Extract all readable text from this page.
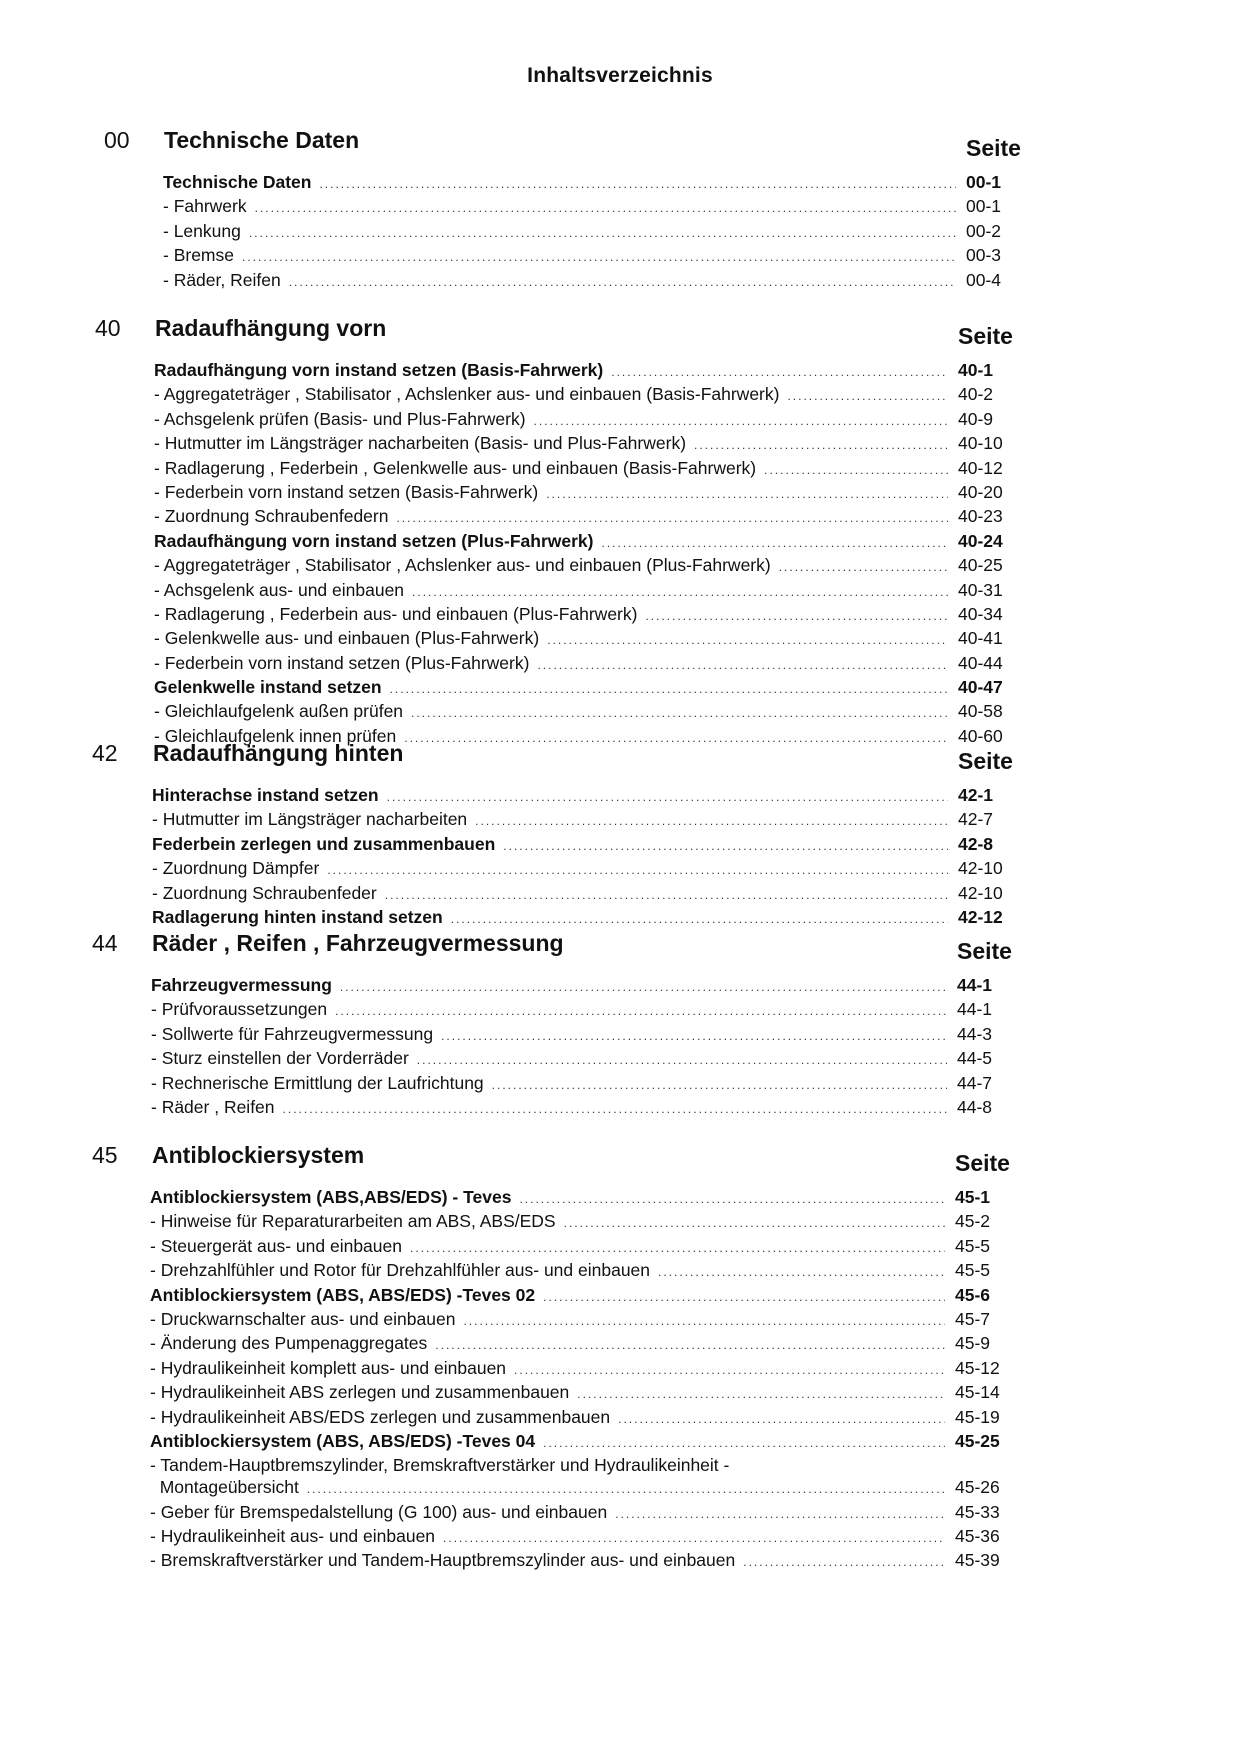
Inhaltsverzeichnis
00 Technische Daten	Seite
Technische Daten .....	00-1
- Fahrwerk .....	00-1
- Lenkung .....	00-2
- Bremse .....	00-3
- Räder, Reifen .....	00-4
40 Radaufhängung vorn	Seite
Radaufhängung vorn instand setzen (Basis-Fahrwerk) .....	40-1
- Aggregateträger , Stabilisator , Achslenker aus- und einbauen (Basis-Fahrwerk) .....	40-2
- Achsgelenk prüfen (Basis- und Plus-Fahrwerk) .....	40-9
- Hutmutter im Längsträger nacharbeiten (Basis- und Plus-Fahrwerk) .....	40-10
- Radlagerung , Federbein , Gelenkwelle aus- und einbauen (Basis-Fahrwerk) .....	40-12
- Federbein vorn instand setzen (Basis-Fahrwerk) .....	40-20
- Zuordnung Schraubenfedern .....	40-23
Radaufhängung vorn instand setzen (Plus-Fahrwerk) .....	40-24
- Aggregateträger , Stabilisator , Achslenker aus- und einbauen (Plus-Fahrwerk) .....	40-25
- Achsgelenk aus- und einbauen .....	40-31
- Radlagerung , Federbein aus- und einbauen (Plus-Fahrwerk) .....	40-34
- Gelenkwelle aus- und einbauen (Plus-Fahrwerk) .....	40-41
- Federbein vorn instand setzen (Plus-Fahrwerk) .....	40-44
Gelenkwelle instand setzen .....	40-47
- Gleichlaufgelenk außen prüfen .....	40-58
- Gleichlaufgelenk innen prüfen .....	40-60
42 Radaufhängung hinten	Seite
Hinterachse instand setzen .....	42-1
- Hutmutter im Längsträger nacharbeiten .....	42-7
Federbein zerlegen und zusammenbauen .....	42-8
- Zuordnung Dämpfer .....	42-10
- Zuordnung Schraubenfeder .....	42-10
Radlagerung hinten instand setzen .....	42-12
44 Räder , Reifen , Fahrzeugvermessung	Seite
Fahrzeugvermessung .....	44-1
- Prüfvoraussetzungen .....	44-1
- Sollwerte für Fahrzeugvermessung .....	44-3
- Sturz einstellen der Vorderräder .....	44-5
- Rechnerische Ermittlung der Laufrichtung .....	44-7
- Räder , Reifen .....	44-8
45 Antiblockiersystem	Seite
Antiblockiersystem (ABS,ABS/EDS) - Teves .....	45-1
- Hinweise für Reparaturarbeiten am ABS, ABS/EDS .....	45-2
- Steuergerät aus- und einbauen .....	45-5
- Drehzahlfühler und Rotor für Drehzahlfühler aus- und einbauen .....	45-5
Antiblockiersystem (ABS, ABS/EDS) -Teves 02 .....	45-6
- Druckwarnschalter aus- und einbauen .....	45-7
- Änderung des Pumpenaggregates .....	45-9
- Hydraulikeinheit komplett aus- und einbauen .....	45-12
- Hydraulikeinheit ABS zerlegen und zusammenbauen .....	45-14
- Hydraulikeinheit ABS/EDS zerlegen und zusammenbauen .....	45-19
Antiblockiersystem (ABS, ABS/EDS) -Teves 04 .....	45-25
- Tandem-Hauptbremszylinder, Bremskraftverstärker und Hydraulikeinheit -
Montageübersicht .....	45-26
- Geber für Bremspedalstellung (G 100) aus- und einbauen .....	45-33
- Hydraulikeinheit aus- und einbauen .....	45-36
- Bremskraftverstärker und Tandem-Hauptbremszylinder aus- und einbauen .....	45-39
